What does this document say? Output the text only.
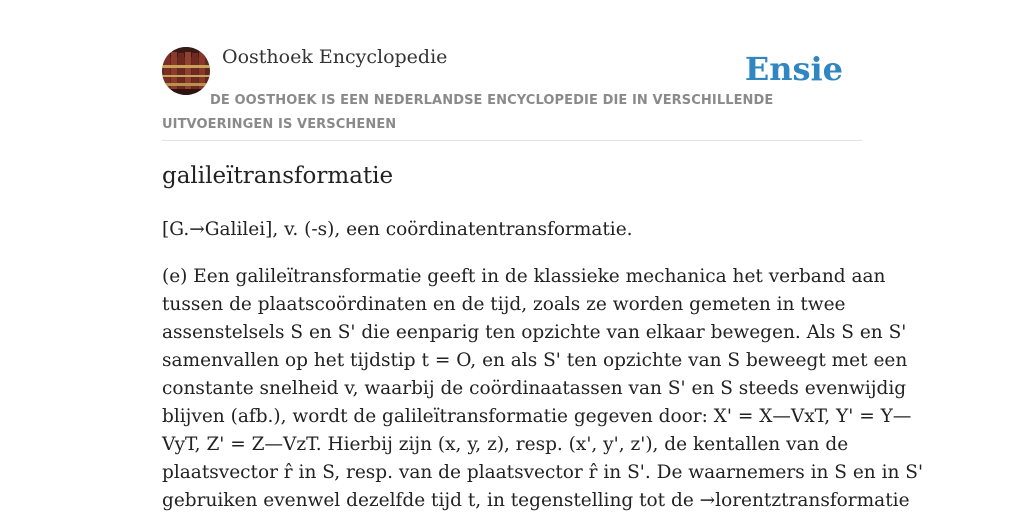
Oosthoek Encyclopedie	Ensie
DE OOSTHOEK IS EEN NEDERLANDSE ENCYCLOPEDIE DIE IN VERSCHILLENDE UITVOERINGEN IS VERSCHENEN
galileïtransformatie

[G.→Galilei], v. (-s), een coördinatentransformatie.

(e) Een galileïtransformatie geeft in de klassieke mechanica het verband aan
tussen de plaatscoördinaten en de tijd, zoals ze worden gemeten in twee
assenstelsels S en S' die eenparig ten opzichte van elkaar bewegen. Als S en S'
samenvallen op het tijdstip t = O, en als S' ten opzichte van S beweegt met een
constante snelheid v, waarbij de coördinaatassen van S' en S steeds evenwijdig
blijven (afb.), wordt de galileïtransformatie gegeven door: X' = X—VxT, Y' = Y—
VyT, Z' = Z—VzT. Hierbij zijn (x, y, z), resp. (x', y', z'), de kentallen van de
plaatsvector r̂ in S, resp. van de plaatsvector r̂ in S'. De waarnemers in S en in S'
gebruiken evenwel dezelfde tijd t, in tegenstelling tot de →lorentztransformatie
